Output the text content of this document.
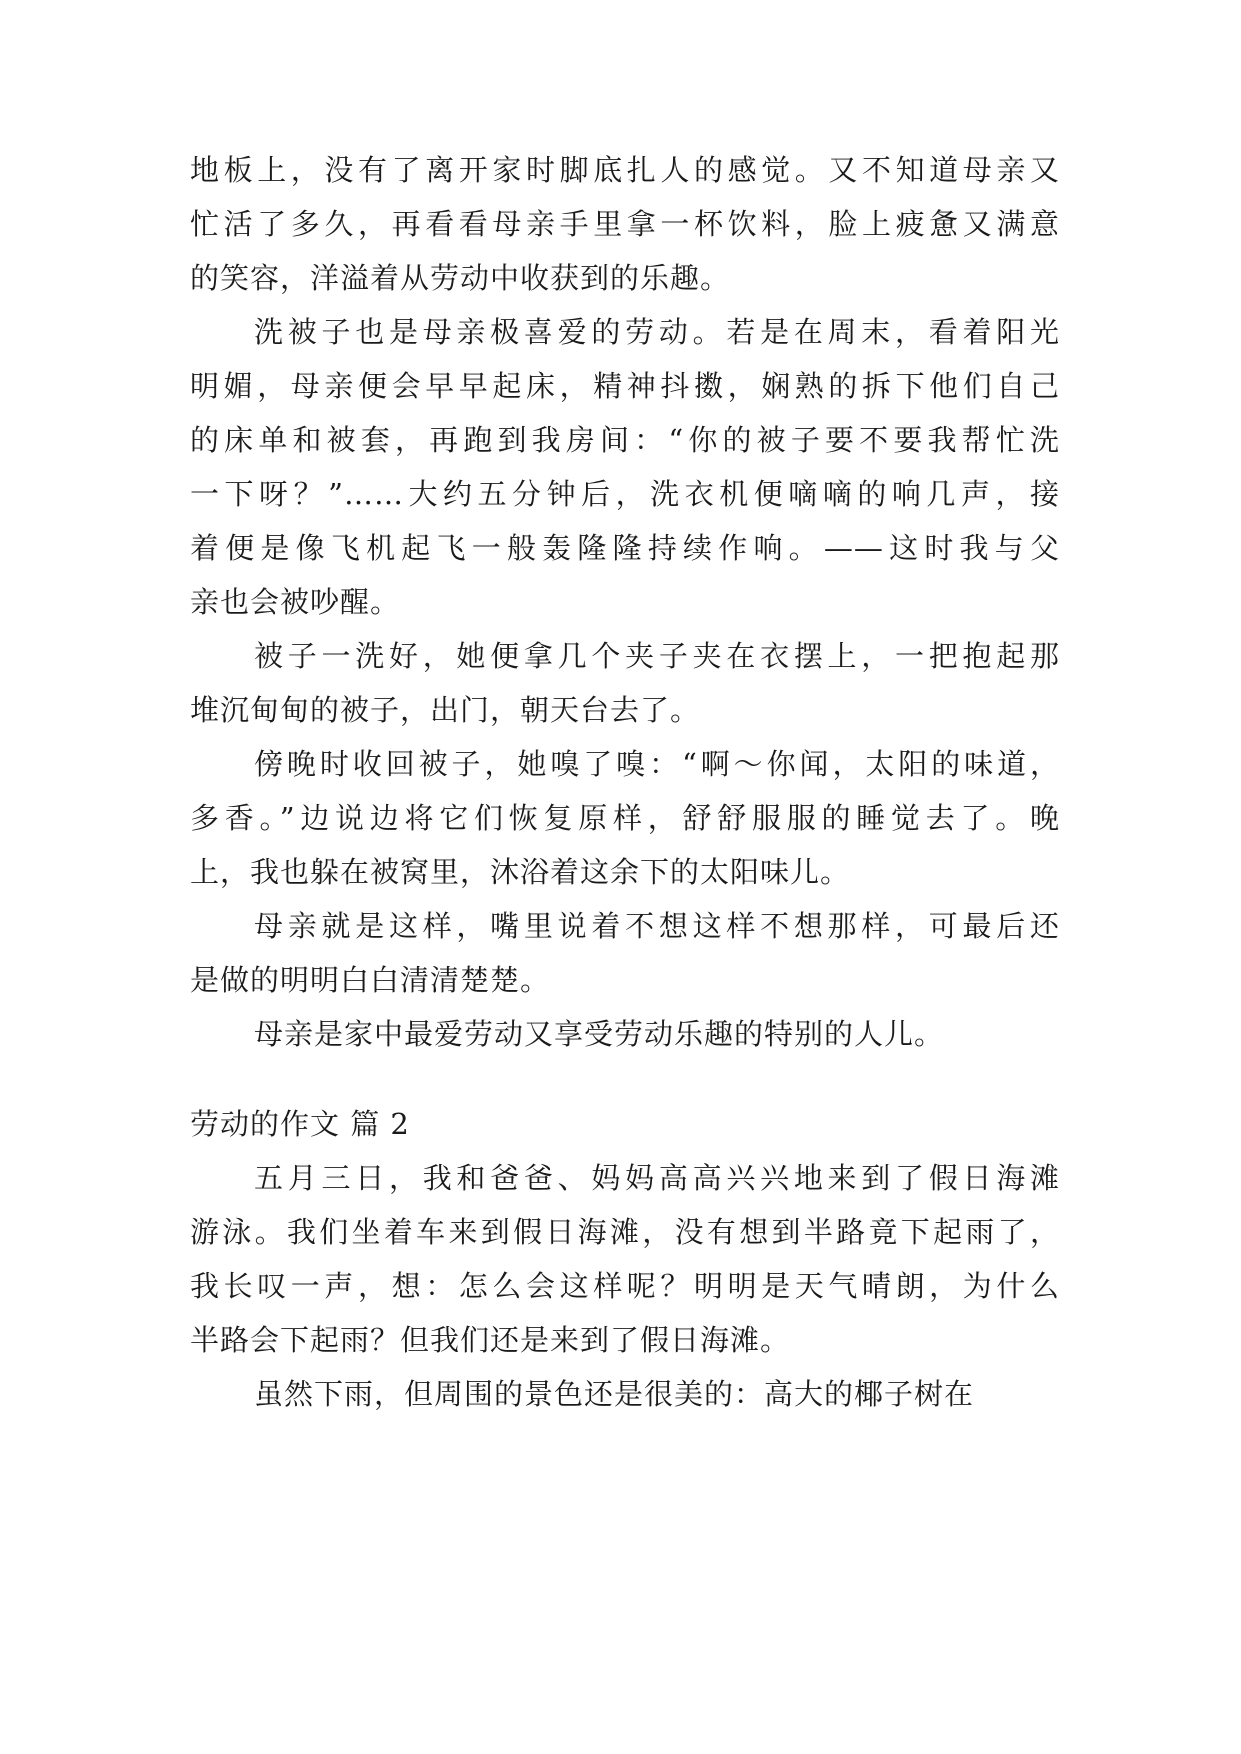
地板上，没有了离开家时脚底扎人的感觉。又不知道母亲又
忙活了多久，再看看母亲手里拿一杯饮料，脸上疲惫又满意
的笑容，洋溢着从劳动中收获到的乐趣。
洗被子也是母亲极喜爱的劳动。若是在周末，看着阳光
明媚，母亲便会早早起床，精神抖擞，娴熟的拆下他们自己
的床单和被套，再跑到我房间：“你的被子要不要我帮忙洗
一下呀？”……大约五分钟后，洗衣机便嘀嘀的响几声，接
着便是像飞机起飞一般轰隆隆持续作响。——这时我与父
亲也会被吵醒。
被子一洗好，她便拿几个夹子夹在衣摆上，一把抱起那
堆沉甸甸的被子，出门，朝天台去了。
傍晚时收回被子，她嗅了嗅：“啊～你闻，太阳的味道，
多香。”边说边将它们恢复原样，舒舒服服的睡觉去了。晚
上，我也躲在被窝里，沐浴着这余下的太阳味儿。
母亲就是这样，嘴里说着不想这样不想那样，可最后还
是做的明明白白清清楚楚。
母亲是家中最爱劳动又享受劳动乐趣的特别的人儿。
劳动的作文 篇 2
五月三日，我和爸爸、妈妈高高兴兴地来到了假日海滩
游泳。我们坐着车来到假日海滩，没有想到半路竟下起雨了，
我长叹一声，想：怎么会这样呢？明明是天气晴朗，为什么
半路会下起雨？但我们还是来到了假日海滩。
虽然下雨，但周围的景色还是很美的：高大的椰子树在
